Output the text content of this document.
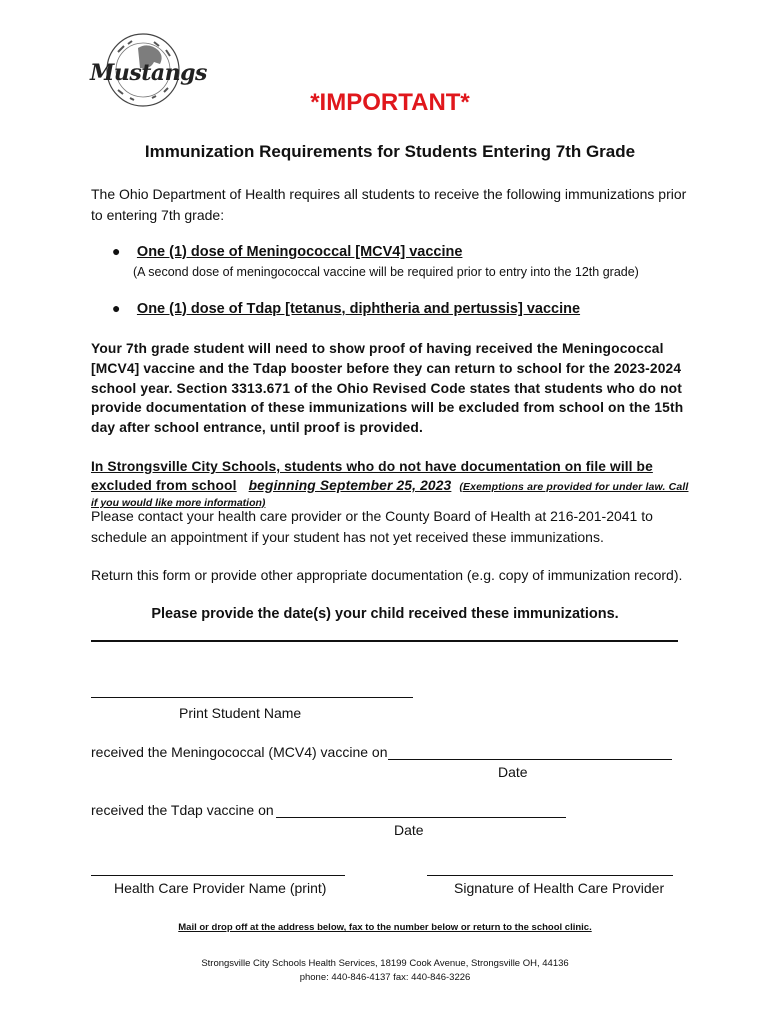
Mustangs
*IMPORTANT*
Immunization Requirements for Students Entering 7th Grade
The Ohio Department of Health requires all students to receive the following immunizations prior
to entering 7th grade:
● One (1) dose of Meningococcal [MCV4] vaccine
(A second dose of meningococcal vaccine will be required prior to entry into the 12th grade)
● One (1) dose of Tdap [tetanus, diphtheria and pertussis] vaccine
Your 7th grade student will need to show proof of having received the Meningococcal
[MCV4] vaccine and the Tdap booster before they can return to school for the 2023-2024
school year. Section 3313.671 of the Ohio Revised Code states that students who do not
provide documentation of these immunizations will be excluded from school on the 15th
day after school entrance, until proof is provided.
In Strongsville City Schools, students who do not have documentation on file will be
excluded from school beginning September 25, 2023 (Exemptions are provided for under law. Call
if you would like more information)
Please contact your health care provider or the County Board of Health at 216-201-2041 to
schedule an appointment if your student has not yet received these immunizations.
Return this form or provide other appropriate documentation (e.g. copy of immunization record).
Please provide the date(s) your child received these immunizations.
Print Student Name
received the Meningococcal (MCV4) vaccine on
Date
received the Tdap vaccine on
Date
Health Care Provider Name (print)	Signature of Health Care Provider
Mail or drop off at the address below, fax to the number below or return to the school clinic.
Strongsville City Schools Health Services, 18199 Cook Avenue, Strongsville OH, 44136
phone: 440-846-4137 fax: 440-846-3226
